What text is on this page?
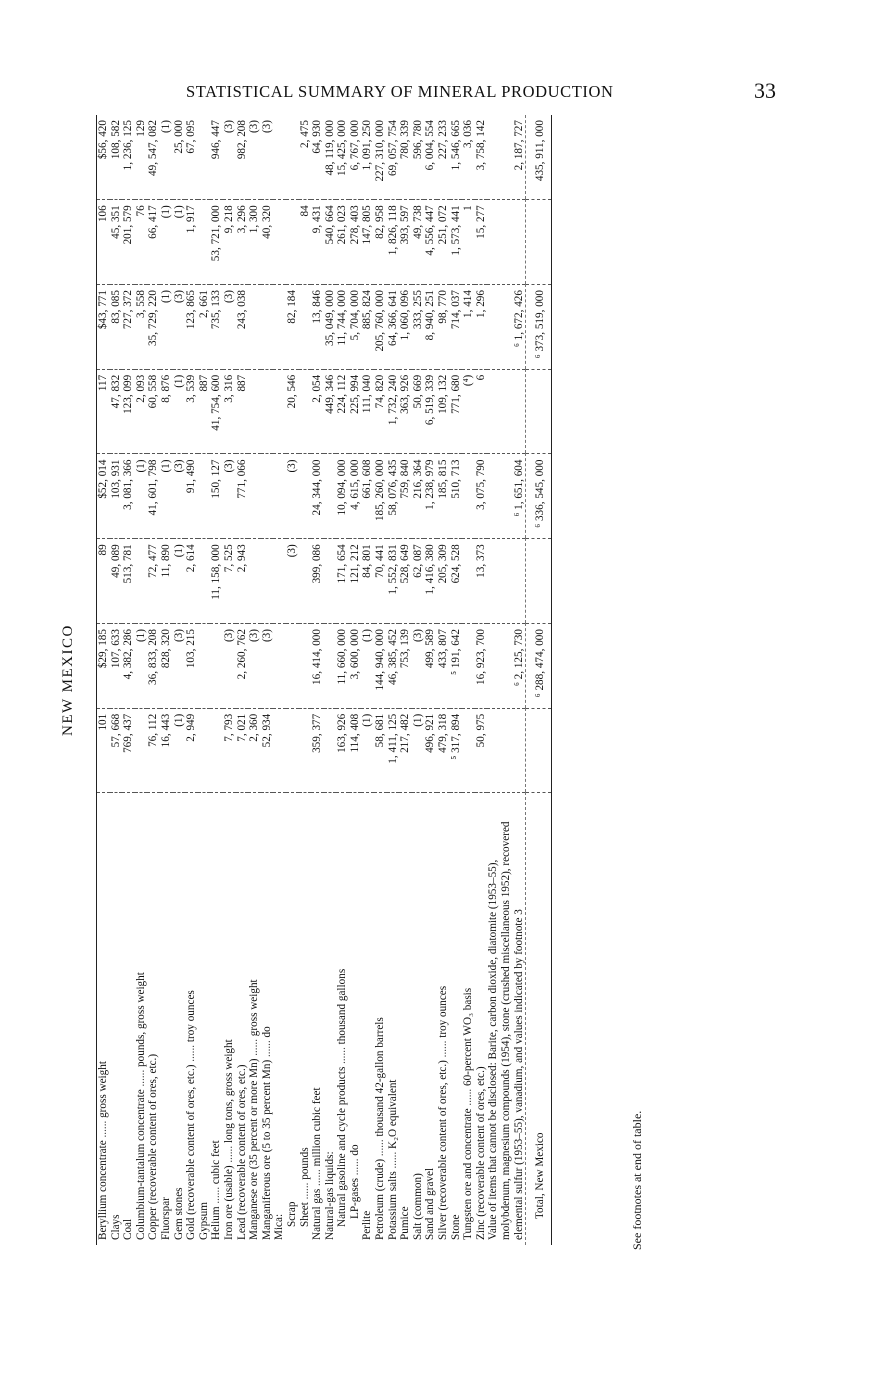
STATISTICAL SUMMARY OF MINERAL PRODUCTION	33
NEW MEXICO

Beryllium concentrate ...... gross weight	101	$29, 185	89	$52, 014	117	$43, 771	106	$56, 420
Clays	57, 668	107, 633	49, 089	103, 931	47, 832	83, 085	45, 351	108, 582
Coal	769, 437	4, 382, 286	513, 781	3, 081, 366	123, 099	727, 372	201, 579	1, 236, 125
Columbium-tantalum concentrate ...... pounds, gross weight		(1)		(1)	2, 093	3, 558	76	129
Copper (recoverable content of ores, etc.)	76, 112	36, 833, 208	72, 477	41, 601, 798	60, 558	35, 729, 220	66, 417	49, 547, 082
Fluorspar	16, 443	828, 320	11, 890	(1)	8, 876	(1)	(1)	(1)
Gem stones	(1)	(3)	(1)	(3)	(1)	(3)	(1)	25, 000
Gold (recoverable content of ores, etc.) ...... troy ounces	2, 949	103, 215	2, 614	91, 490	3, 539	123, 865	1, 917	67, 095
Gypsum					887	2, 661		
Helium ...... cubic feet			11, 158, 000	150, 127	41, 754, 600	735, 133	53, 721, 000	946, 447
Iron ore (usable) ...... long tons, gross weight	7, 793	(3)	7, 525	(3)	3, 316	(3)	9, 218	(3)
Lead (recoverable content of ores, etc.)	7, 021	2, 260, 762	2, 943	771, 066	887	243, 038	3, 296	982, 208
Manganese ore (35 percent or more Mn) ...... gross weight	2, 360	(3)					1, 300	(3)
Manganiferous ore (5 to 35 percent Mn) ...... do	52, 934	(3)					40, 320	(3)
Mica:								
Scrap			(3)	(3)	20, 546	82, 184		
Sheet ...... pounds							84	2, 475
Natural gas ...... million cubic feet	359, 377	16, 414, 000	399, 086	24, 344, 000	2, 054	13, 846	9, 431	64, 930
Natural-gas liquids:					449, 346	35, 049, 000	540, 664	48, 119, 000
Natural gasoline and cycle products ...... thousand gallons	163, 926	11, 660, 000	171, 654	10, 094, 000	224, 112	11, 744, 000	261, 023	15, 425, 000
LP-gases ...... do	114, 408	3, 600, 000	121, 212	4, 615, 000	225, 994	5, 704, 000	278, 403	6, 767, 000
Perlite	(1)	(1)	84, 801	661, 608	111, 040	885, 824	147, 805	1, 091, 250
Petroleum (crude) ...... thousand 42-gallon barrels	58, 681	144, 940, 000	70, 441	185, 260, 000	74, 820	205, 760, 000	82, 958	227, 310, 000
Potassium salts ...... K₂O equivalent	1, 411, 125	46, 385, 452	1, 552, 831	58, 076, 435	1, 732, 240	64, 366, 641	1, 826, 118	69, 057, 754
Pumice	217, 482	753, 139	528, 649	759, 840	363, 926	1, 060, 096	393, 597	780, 339
Salt (common)	(1)	(3)	62, 087	216, 364	50, 669	333, 255	49, 738	596, 780
Sand and gravel	496, 921	499, 589	1, 416, 380	1, 238, 979	6, 519, 339	8, 940, 251	4, 556, 447	6, 004, 554
Silver (recoverable content of ores, etc.) ...... troy ounces	479, 318	433, 807	205, 309	185, 815	109, 132	98, 770	251, 072	227, 233
Stone	⁵ 317, 894	⁵ 191, 642	624, 528	510, 713	771, 680	714, 037	1, 573, 441	1, 546, 665
Tungsten ore and concentrate ...... 60-percent WO₃ basis					(⁴)	1, 414	1	3, 036
Zinc (recoverable content of ores, etc.)	50, 975	16, 923, 700	13, 373	3, 075, 790	6	1, 296	15, 277	3, 758, 142
Value of items that cannot be disclosed: Barite, carbon dioxide, diatomite (1953–55), molybdenum, magnesium compounds (1954), stone (crushed miscellaneous 1952), recovered elemental sulfur (1953–55), vanadium, and values indicated by footnote 3		⁶ 2, 125, 730		⁶ 1, 651, 604		⁶ 1, 672, 426		2, 187, 727
Total, New Mexico		⁶ 288, 474, 000		⁶ 336, 545, 000		⁶ 373, 519, 000		435, 911, 000

See footnotes at end of table.
